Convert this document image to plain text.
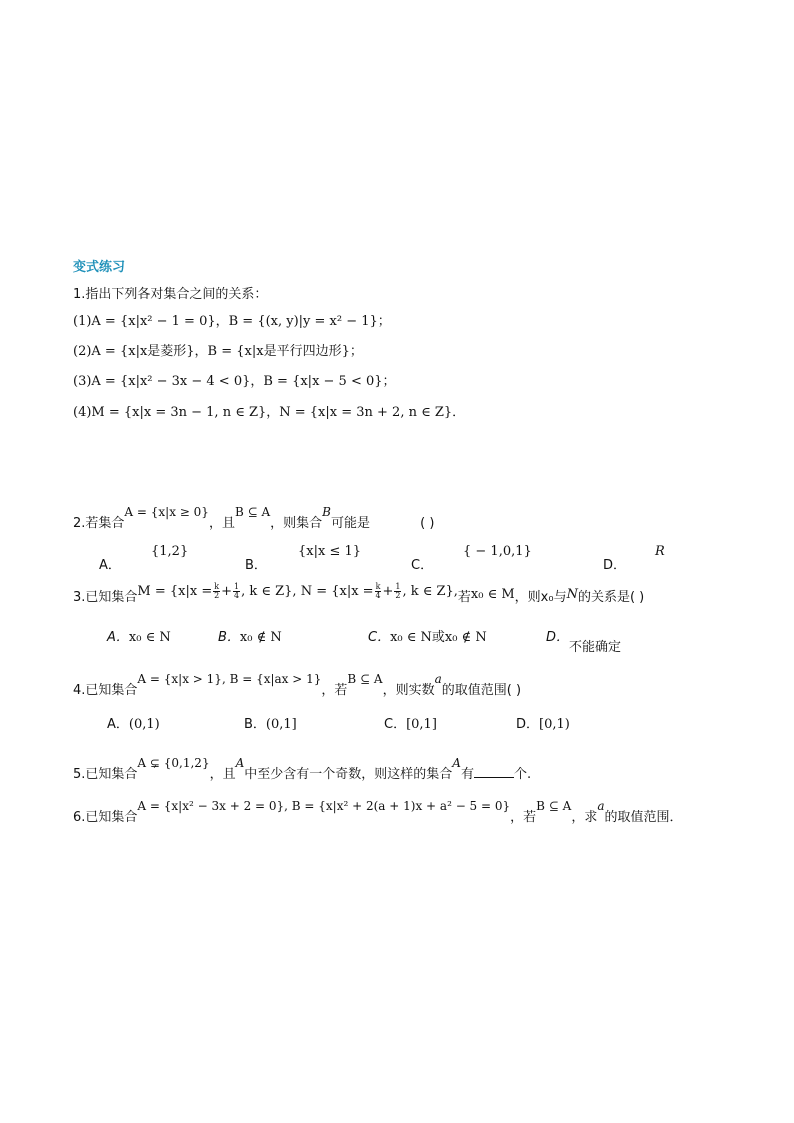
变式练习
1.指出下列各对集合之间的关系：
(1)A = {x|x² − 1 = 0}，B = {(x, y)|y = x² − 1}；
(2)A = {x|x是菱形}，B = {x|x是平行四边形}；
(3)A = {x|x² − 3x − 4 < 0}，B = {x|x − 5 < 0}；
(4)M = {x|x = 3n − 1, n ∈ Z}，N = {x|x = 3n + 2, n ∈ Z}．
2.若集合A = {x|x ≥ 0}，且B ⊆ A，则集合B可能是	( )
A．
{1,2}
B．
{x|x ≤ 1}
C．
{ − 1,0,1}
D．
R
3.已知集合$M = \{x|x = \frac{k}{2} + \frac{1}{4}$ , k ∈ Z}, $N = \{x|x = \frac{k}{4} + \frac{1}{2}$ , k ∈ Z},若x₀ ∈ M，则x₀与N的关系是( )
A．x₀ ∈ N	B．x₀ ∉ N	C．x₀ ∈ N或x₀ ∉ N	D．
不能确定
4.已知集合A = {x|x > 1}, B = {x|ax > 1}，若B ⊆ A，则实数a的取值范围( )
A．(0,1)	B．(0,1]	C．[0,1]	D．[0,1)
5.已知集合A ⊊ {0,1,2}，且A中至少含有一个奇数，则这样的集合A有	个.
6.已知集合A = {x|x² − 3x + 2 = 0}, B = {x|x² + 2(a + 1)x + a² − 5 = 0}，若B ⊆ A，求a的取值范围．
